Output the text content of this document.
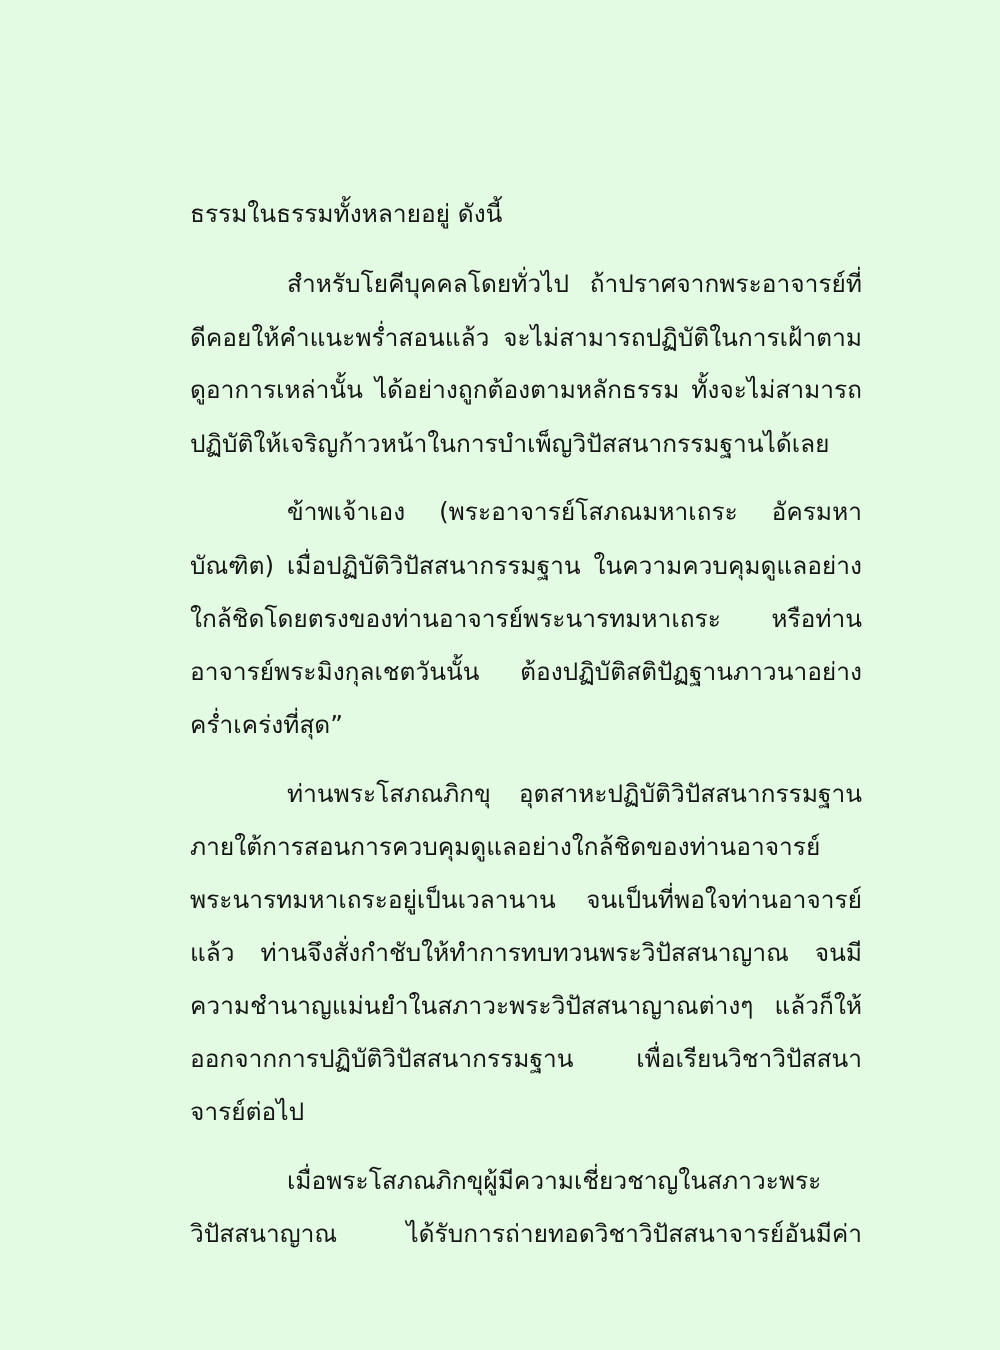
ธรรมในธรรมทั้งหลายอยู่ ดังนี้
สำหรับโยคีบุคคลโดยทั่วไป ถ้าปราศจากพระอาจารย์ที่
ดีคอยให้คำแนะพร่ำสอนแล้ว จะไม่สามารถปฏิบัติในการเฝ้าตาม
ดูอาการเหล่านั้น ได้อย่างถูกต้องตามหลักธรรม ทั้งจะไม่สามารถ
ปฏิบัติให้เจริญก้าวหน้าในการบำเพ็ญวิปัสสนากรรมฐานได้เลย
ข้าพเจ้าเอง (พระอาจารย์โสภณมหาเถระ อัครมหา
บัณฑิต) เมื่อปฏิบัติวิปัสสนากรรมฐาน ในความควบคุมดูแลอย่าง
ใกล้ชิดโดยตรงของท่านอาจารย์พระนารทมหาเถระ หรือท่าน
อาจารย์พระมิงกุลเชตวันนั้น ต้องปฏิบัติสติปัฏฐานภาวนาอย่าง
คร่ำเคร่งที่สุด”
ท่านพระโสภณภิกขุ อุตสาหะปฏิบัติวิปัสสนากรรมฐาน
ภายใต้การสอนการควบคุมดูแลอย่างใกล้ชิดของท่านอาจารย์
พระนารทมหาเถระอยู่เป็นเวลานาน จนเป็นที่พอใจท่านอาจารย์
แล้ว ท่านจึงสั่งกำชับให้ทำการทบทวนพระวิปัสสนาญาณ จนมี
ความชำนาญแม่นยำในสภาวะพระวิปัสสนาญาณต่างๆ แล้วก็ให้
ออกจากการปฏิบัติวิปัสสนากรรมฐาน เพื่อเรียนวิชาวิปัสสนา
จารย์ต่อไป
เมื่อพระโสภณภิกขุผู้มีความเชี่ยวชาญในสภาวะพระ
วิปัสสนาญาณ ได้รับการถ่ายทอดวิชาวิปัสสนาจารย์อันมีค่า
